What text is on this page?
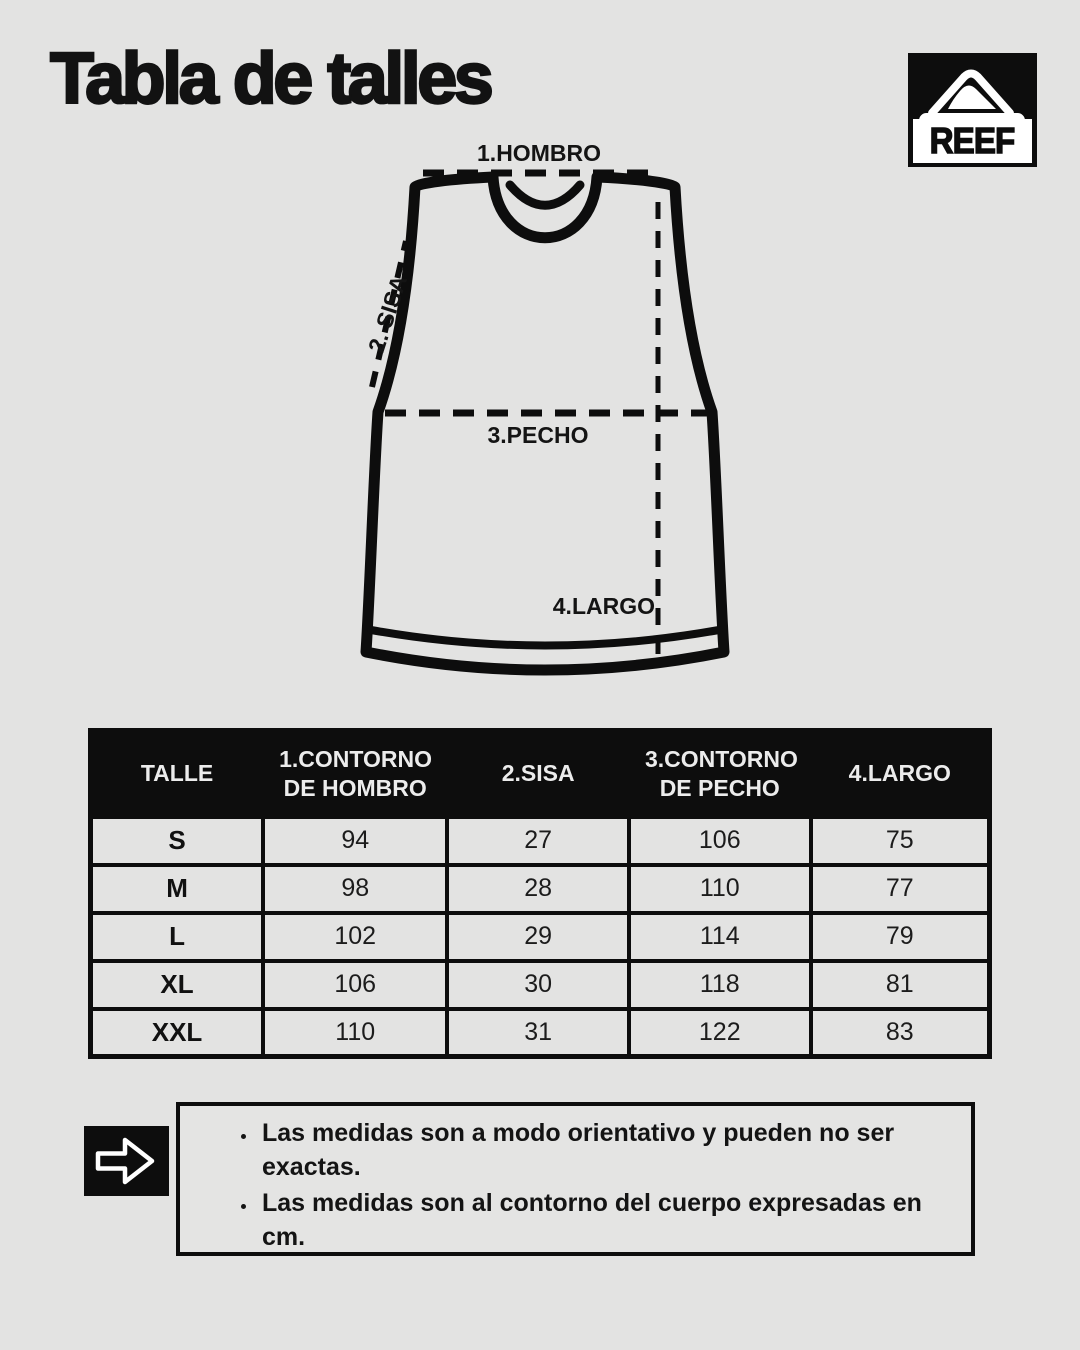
Tabla de talles
REEF
1.HOMBRO
2. SISA
3.PECHO
4.LARGO
TALLE	1.CONTORNO DE HOMBRO	2.SISA	3.CONTORNO DE PECHO	4.LARGO
S	94	27	106	75
M	98	28	110	77
L	102	29	114	79
XL	106	30	118	81
XXL	110	31	122	83
• Las medidas son a modo orientativo y pueden no ser exactas.
• Las medidas son al contorno del cuerpo expresadas en cm.
